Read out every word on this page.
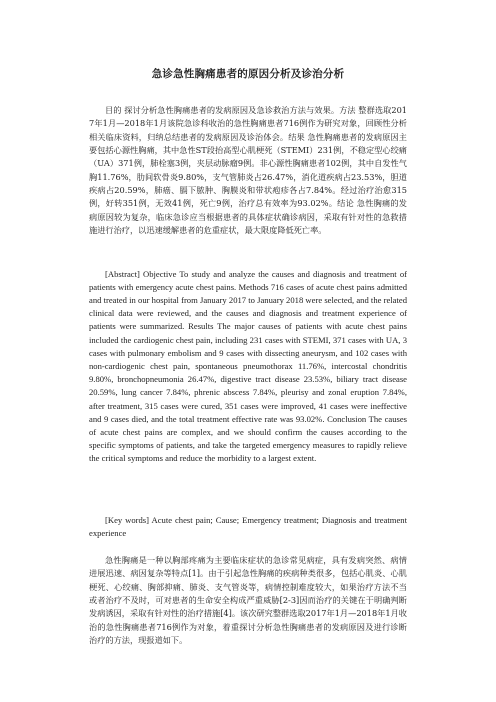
急诊急性胸痛患者的原因分析及诊治分析

目的 探讨分析急性胸痛患者的发病原因及急诊救治方法与效果。方法 整群选取2017年1月—2018年1月该院急诊科收治的急性胸痛患者716例作为研究对象，回顾性分析相关临床资料，归纳总结患者的发病原因及诊治体会。结果 急性胸痛患者的发病原因主要包括心源性胸痛，其中急性ST段抬高型心肌梗死（STEMI）231例，不稳定型心绞痛（UA）371例，肺栓塞3例，夹层动脉瘤9例。非心源性胸痛患者102例，其中自发性气胸11.76%，肋间软骨炎9.80%，支气管肺炎占26.47%，消化道疾病占23.53%，胆道疾病占20.59%，肺癌、膈下脓肿、胸膜炎和带状疱疹各占7.84%。经过治疗治愈315例，好转351例，无效41例，死亡9例，治疗总有效率为93.02%。结论 急性胸痛的发病原因较为复杂，临床急诊应当根据患者的具体症状确诊病因，采取有针对性的急救措施进行治疗，以迅速缓解患者的危重症状，最大限度降低死亡率。

[Abstract] Objective To study and analyze the causes and diagnosis and treatment of patients with emergency acute chest pains. Methods 716 cases of acute chest pains admitted and treated in our hospital from January 2017 to January 2018 were selected, and the related clinical data were reviewed, and the causes and diagnosis and treatment experience of patients were summarized. Results The major causes of patients with acute chest pains included the cardiogenic chest pain, including 231 cases with STEMI, 371 cases with UA, 3 cases with pulmonary embolism and 9 cases with dissecting aneurysm, and 102 cases with non-cardiogenic chest pain, spontaneous pneumothorax 11.76%, intercostal chondritis 9.80%, bronchopneumonia 26.47%, digestive tract disease 23.53%, biliary tract disease 20.59%, lung cancer 7.84%, phrenic abscess 7.84%, pleurisy and zonal eruption 7.84%, after treatment, 315 cases were cured, 351 cases were improved, 41 cases were ineffective and 9 cases died, and the total treatment effective rate was 93.02%. Conclusion The causes of acute chest pains are complex, and we should confirm the causes according to the specific symptoms of patients, and take the targeted emergency measures to rapidly relieve the critical symptoms and reduce the morbidity to a largest extent.

[Key words] Acute chest pain; Cause; Emergency treatment; Diagnosis and treatment experience

急性胸痛是一种以胸部疼痛为主要临床症状的急诊常见病症，具有发病突然、病情进展迅速、病因复杂等特点[1]。由于引起急性胸痛的疾病种类很多，包括心肌炎、心肌梗死、心绞痛、胸部抑痛、肺炎、支气管炎等，病情控制难度较大，如果治疗方法不当或者治疗不及时，可对患者的生命安全构成严重威胁[2-3]因而治疗的关键在于明确判断发病诱因，采取有针对性的治疗措施[4]。该次研究整群选取2017年1月—2018年1月收治的急性胸痛患者716例作为对象，着重探讨分析急性胸痛患者的发病原因及进行诊断治疗的方法，现报道如下。
